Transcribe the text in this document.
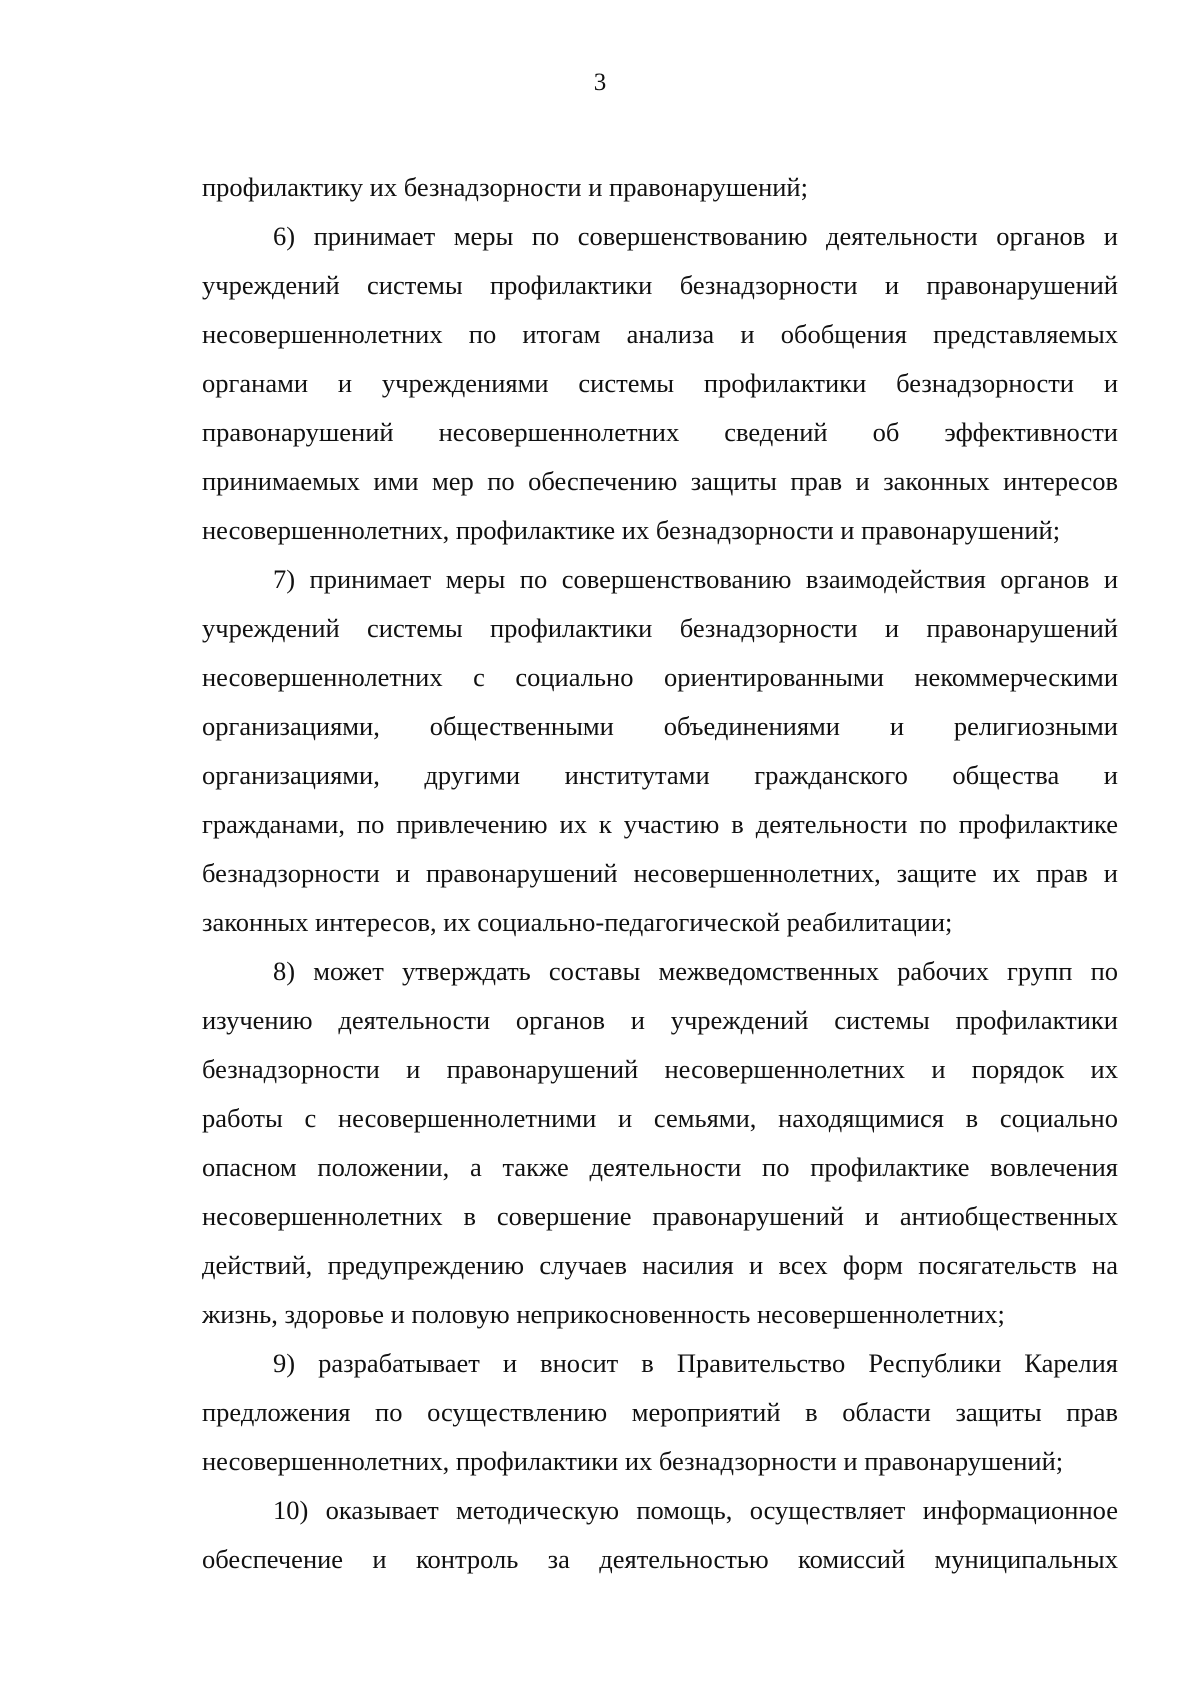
3
профилактику их безнадзорности и правонарушений;
6) принимает меры по совершенствованию деятельности органов и
учреждений системы профилактики безнадзорности и правонарушений
несовершеннолетних по итогам анализа и обобщения представляемых
органами и учреждениями системы профилактики безнадзорности и
правонарушений несовершеннолетних сведений об эффективности
принимаемых ими мер по обеспечению защиты прав и законных интересов
несовершеннолетних, профилактике их безнадзорности и правонарушений;
7) принимает меры по совершенствованию взаимодействия органов и
учреждений системы профилактики безнадзорности и правонарушений
несовершеннолетних с социально ориентированными некоммерческими
организациями, общественными объединениями и религиозными
организациями, другими институтами гражданского общества и
гражданами, по привлечению их к участию в деятельности по профилактике
безнадзорности и правонарушений несовершеннолетних, защите их прав и
законных интересов, их социально-педагогической реабилитации;
8) может утверждать составы межведомственных рабочих групп по
изучению деятельности органов и учреждений системы профилактики
безнадзорности и правонарушений несовершеннолетних и порядок их
работы с несовершеннолетними и семьями, находящимися в социально
опасном положении, а также деятельности по профилактике вовлечения
несовершеннолетних в совершение правонарушений и антиобщественных
действий, предупреждению случаев насилия и всех форм посягательств на
жизнь, здоровье и половую неприкосновенность несовершеннолетних;
9) разрабатывает и вносит в Правительство Республики Карелия
предложения по осуществлению мероприятий в области защиты прав
несовершеннолетних, профилактики их безнадзорности и правонарушений;
10) оказывает методическую помощь, осуществляет информационное
обеспечение и контроль за деятельностью комиссий муниципальных
